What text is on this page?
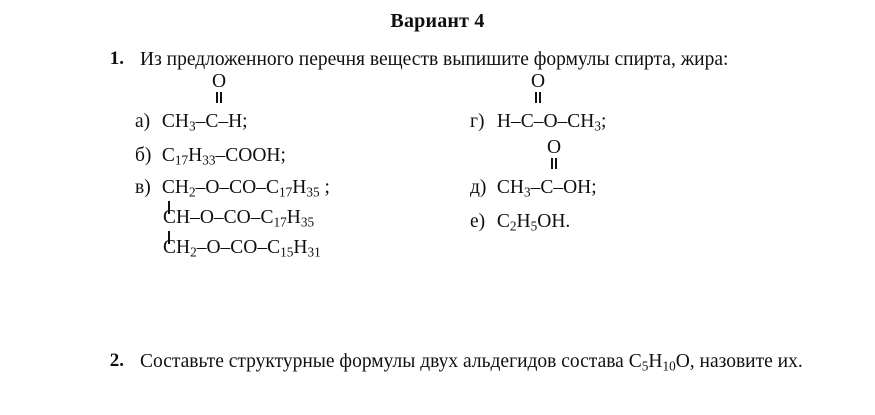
Вариант 4
1. Из предложенного перечня веществ выпишите формулы спирта, жира:
O
а) $CH_3-C-H$;
б) $C_{17}H_{33}$–COOH;
в) $CH_2-O-CO-C_{17}H_{35}$ ;
$CH-O-CO-C_{17}H_{35}$
$CH_2-O-CO-C_{15}H_{31}$
O
г) $H-C-O-CH_3$;
O
д) $CH_3-C-OH$;
е) $C_2H_5OH$.
2. Составьте структурные формулы двух альдегидов состава $C_5H_{10}O$, назовите их.
